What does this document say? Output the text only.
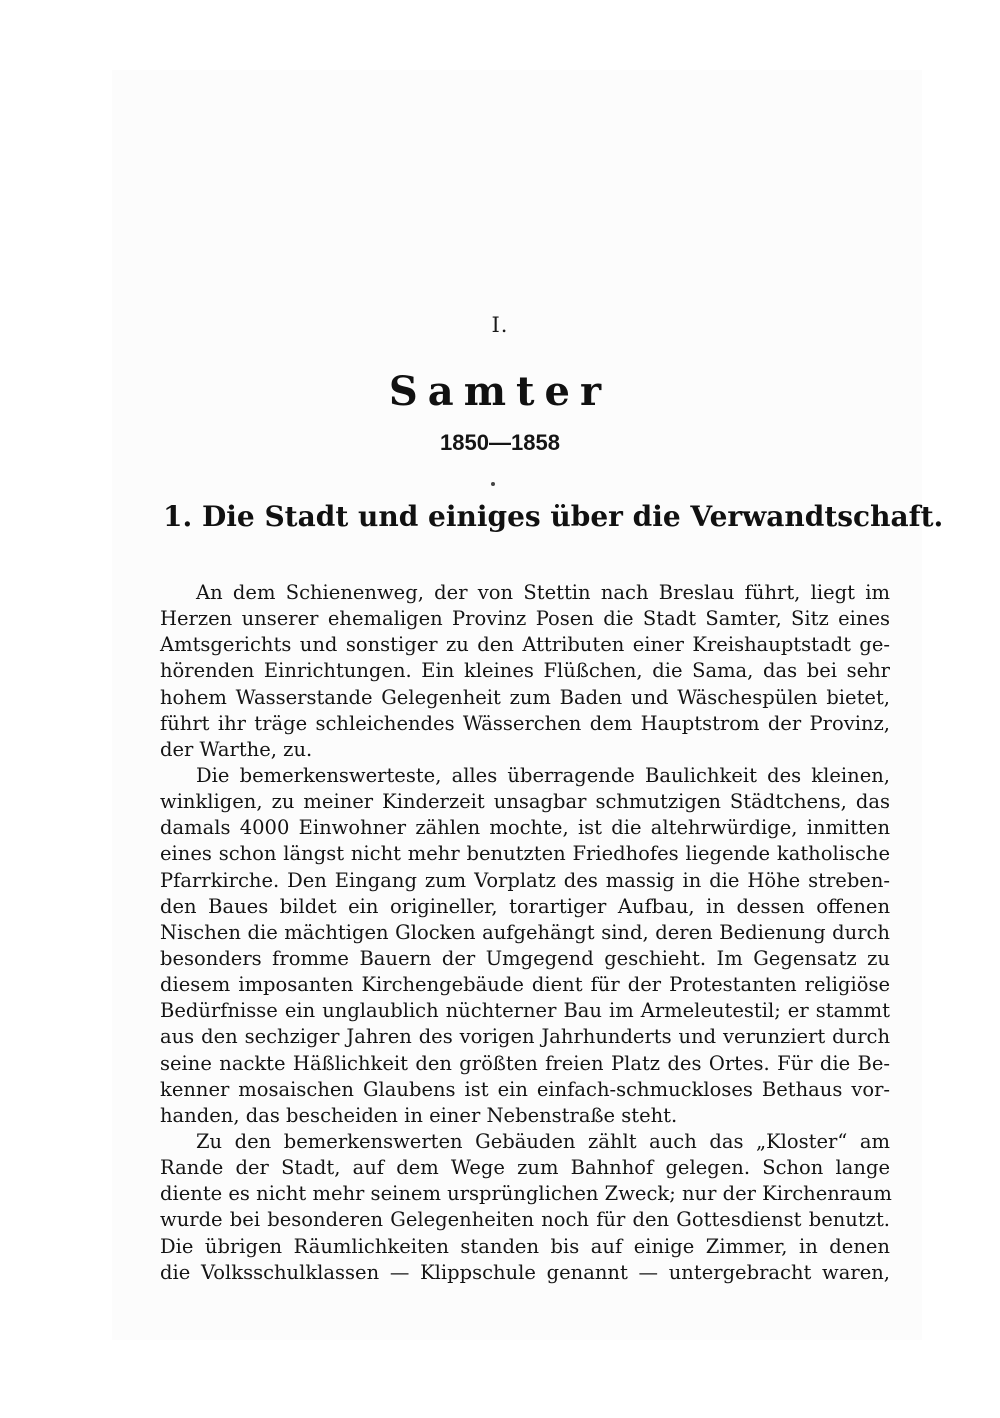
I.
Samter
1850—1858
1. Die Stadt und einiges über die Verwandtschaft.
An dem Schienenweg, der von Stettin nach Breslau führt, liegt im
Herzen unserer ehemaligen Provinz Posen die Stadt Samter, Sitz eines
Amtsgerichts und sonstiger zu den Attributen einer Kreishauptstadt ge-
hörenden Einrichtungen. Ein kleines Flüßchen, die Sama, das bei sehr
hohem Wasserstande Gelegenheit zum Baden und Wäschespülen bietet,
führt ihr träge schleichendes Wässerchen dem Hauptstrom der Provinz,
der Warthe, zu.
Die bemerkenswerteste, alles überragende Baulichkeit des kleinen,
winkligen, zu meiner Kinderzeit unsagbar schmutzigen Städtchens, das
damals 4000 Einwohner zählen mochte, ist die altehrwürdige, inmitten
eines schon längst nicht mehr benutzten Friedhofes liegende katholische
Pfarrkirche. Den Eingang zum Vorplatz des massig in die Höhe streben-
den Baues bildet ein origineller, torartiger Aufbau, in dessen offenen
Nischen die mächtigen Glocken aufgehängt sind, deren Bedienung durch
besonders fromme Bauern der Umgegend geschieht. Im Gegensatz zu
diesem imposanten Kirchengebäude dient für der Protestanten religiöse
Bedürfnisse ein unglaublich nüchterner Bau im Armeleutestil; er stammt
aus den sechziger Jahren des vorigen Jahrhunderts und verunziert durch
seine nackte Häßlichkeit den größten freien Platz des Ortes. Für die Be-
kenner mosaischen Glaubens ist ein einfach-schmuckloses Bethaus vor-
handen, das bescheiden in einer Nebenstraße steht.
Zu den bemerkenswerten Gebäuden zählt auch das „Kloster“ am
Rande der Stadt, auf dem Wege zum Bahnhof gelegen. Schon lange
diente es nicht mehr seinem ursprünglichen Zweck; nur der Kirchenraum
wurde bei besonderen Gelegenheiten noch für den Gottesdienst benutzt.
Die übrigen Räumlichkeiten standen bis auf einige Zimmer, in denen
die Volksschulklassen — Klippschule genannt — untergebracht waren,
